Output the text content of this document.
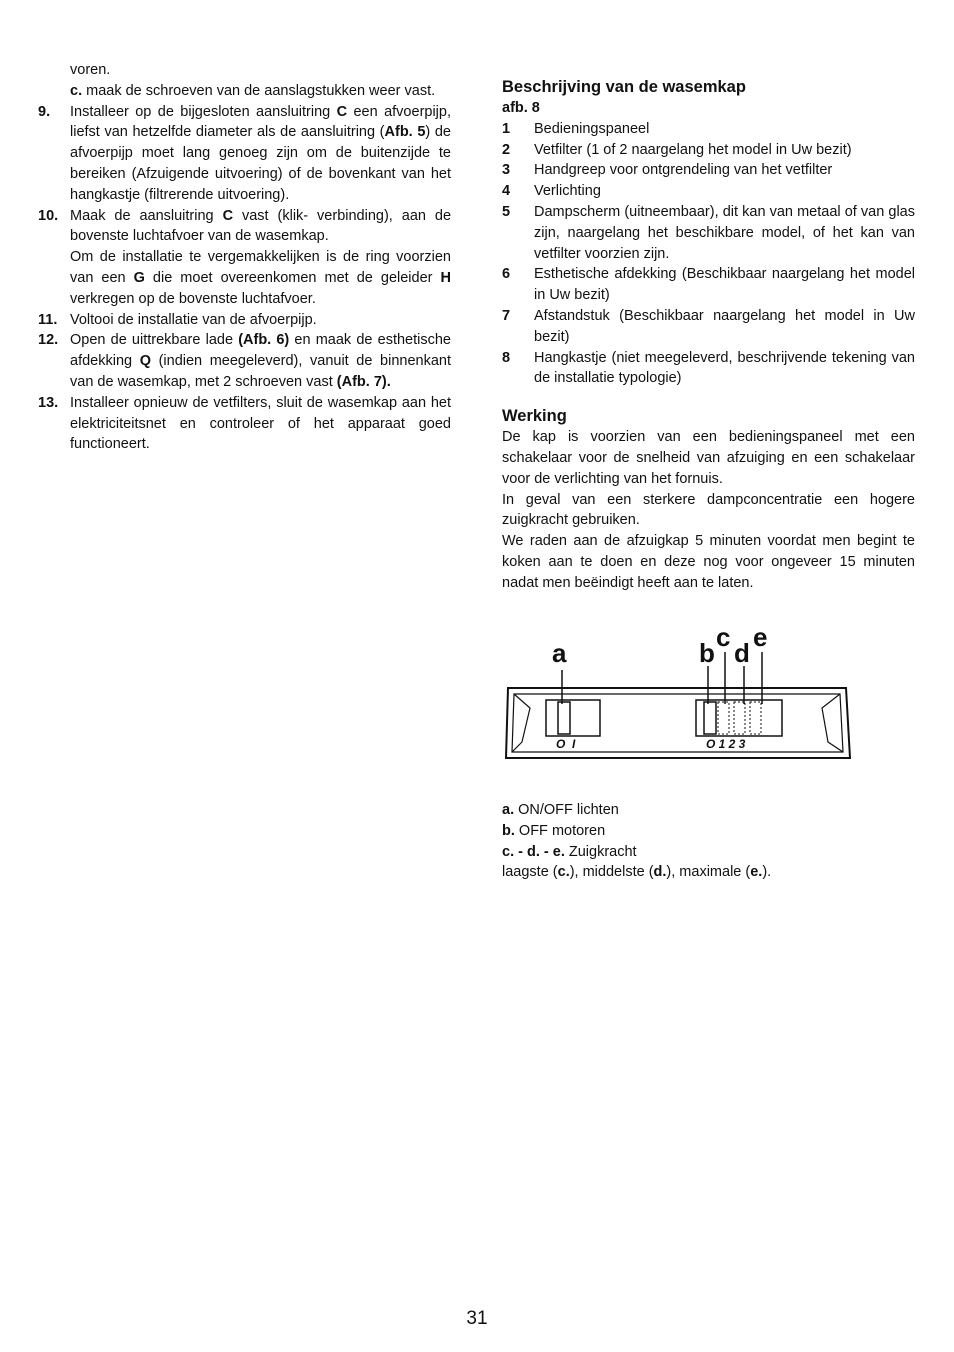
voren.

c. maak de schroeven van de aanslagstukken weer vast.

9. Installeer op de bijgesloten aansluitring C een afvoerpijp, liefst van hetzelfde diameter als de aansluitring (Afb. 5) de afvoerpijp moet lang genoeg zijn om de buitenzijde te bereiken (Afzuigende uitvoering) of de bovenkant van het hangkastje (filtrerende uitvoering).
10. Maak de aansluitring C vast (klik- verbinding), aan de bovenste luchtafvoer van de wasemkap.
Om de installatie te vergemakkelijken is de ring voorzien van een G die moet overeenkomen met de geleider H verkregen op de bovenste luchtafvoer.
11. Voltooi de installatie van de afvoerpijp.
12. Open de uittrekbare lade (Afb. 6) en maak de esthetische afdekking Q (indien meegeleverd), vanuit de binnenkant van de wasemkap, met 2 schroeven vast (Afb. 7).
13. Installeer opnieuw de vetfilters, sluit de wasemkap aan het elektriciteitsnet en controleer of het apparaat goed functioneert.

Beschrijving van de wasemkap

afb. 8

1 Bedieningspaneel
2 Vetfilter (1 of 2 naargelang het model in Uw bezit)
3 Handgreep voor ontgrendeling van het vetfilter
4 Verlichting
5 Dampscherm (uitneembaar), dit kan van metaal of van glas zijn, naargelang het beschikbare model, of het kan van vetfilter voorzien zijn.
6 Esthetische afdekking (Beschikbaar naargelang het model in Uw bezit)
7 Afstandstuk (Beschikbaar naargelang het model in Uw bezit)
8 Hangkastje (niet meegeleverd, beschrijvende tekening van de installatie typologie)

Werking

De kap is voorzien van een bedieningspaneel met een schakelaar voor de snelheid van afzuiging en een schakelaar voor de verlichting van het fornuis.

In geval van een sterkere dampconcentratie een hogere zuigkracht gebruiken.

We raden aan de afzuigkap 5 minuten voordat men begint te koken aan te doen en deze nog voor ongeveer 15 minuten nadat men beëindigt heeft aan te laten.

a	b
c
d
e
O  I	O 1 2 3

a. ON/OFF lichten

b. OFF motoren

c. - d. - e. Zuigkracht

laagste (c.), middelste (d.), maximale (e.).

31
